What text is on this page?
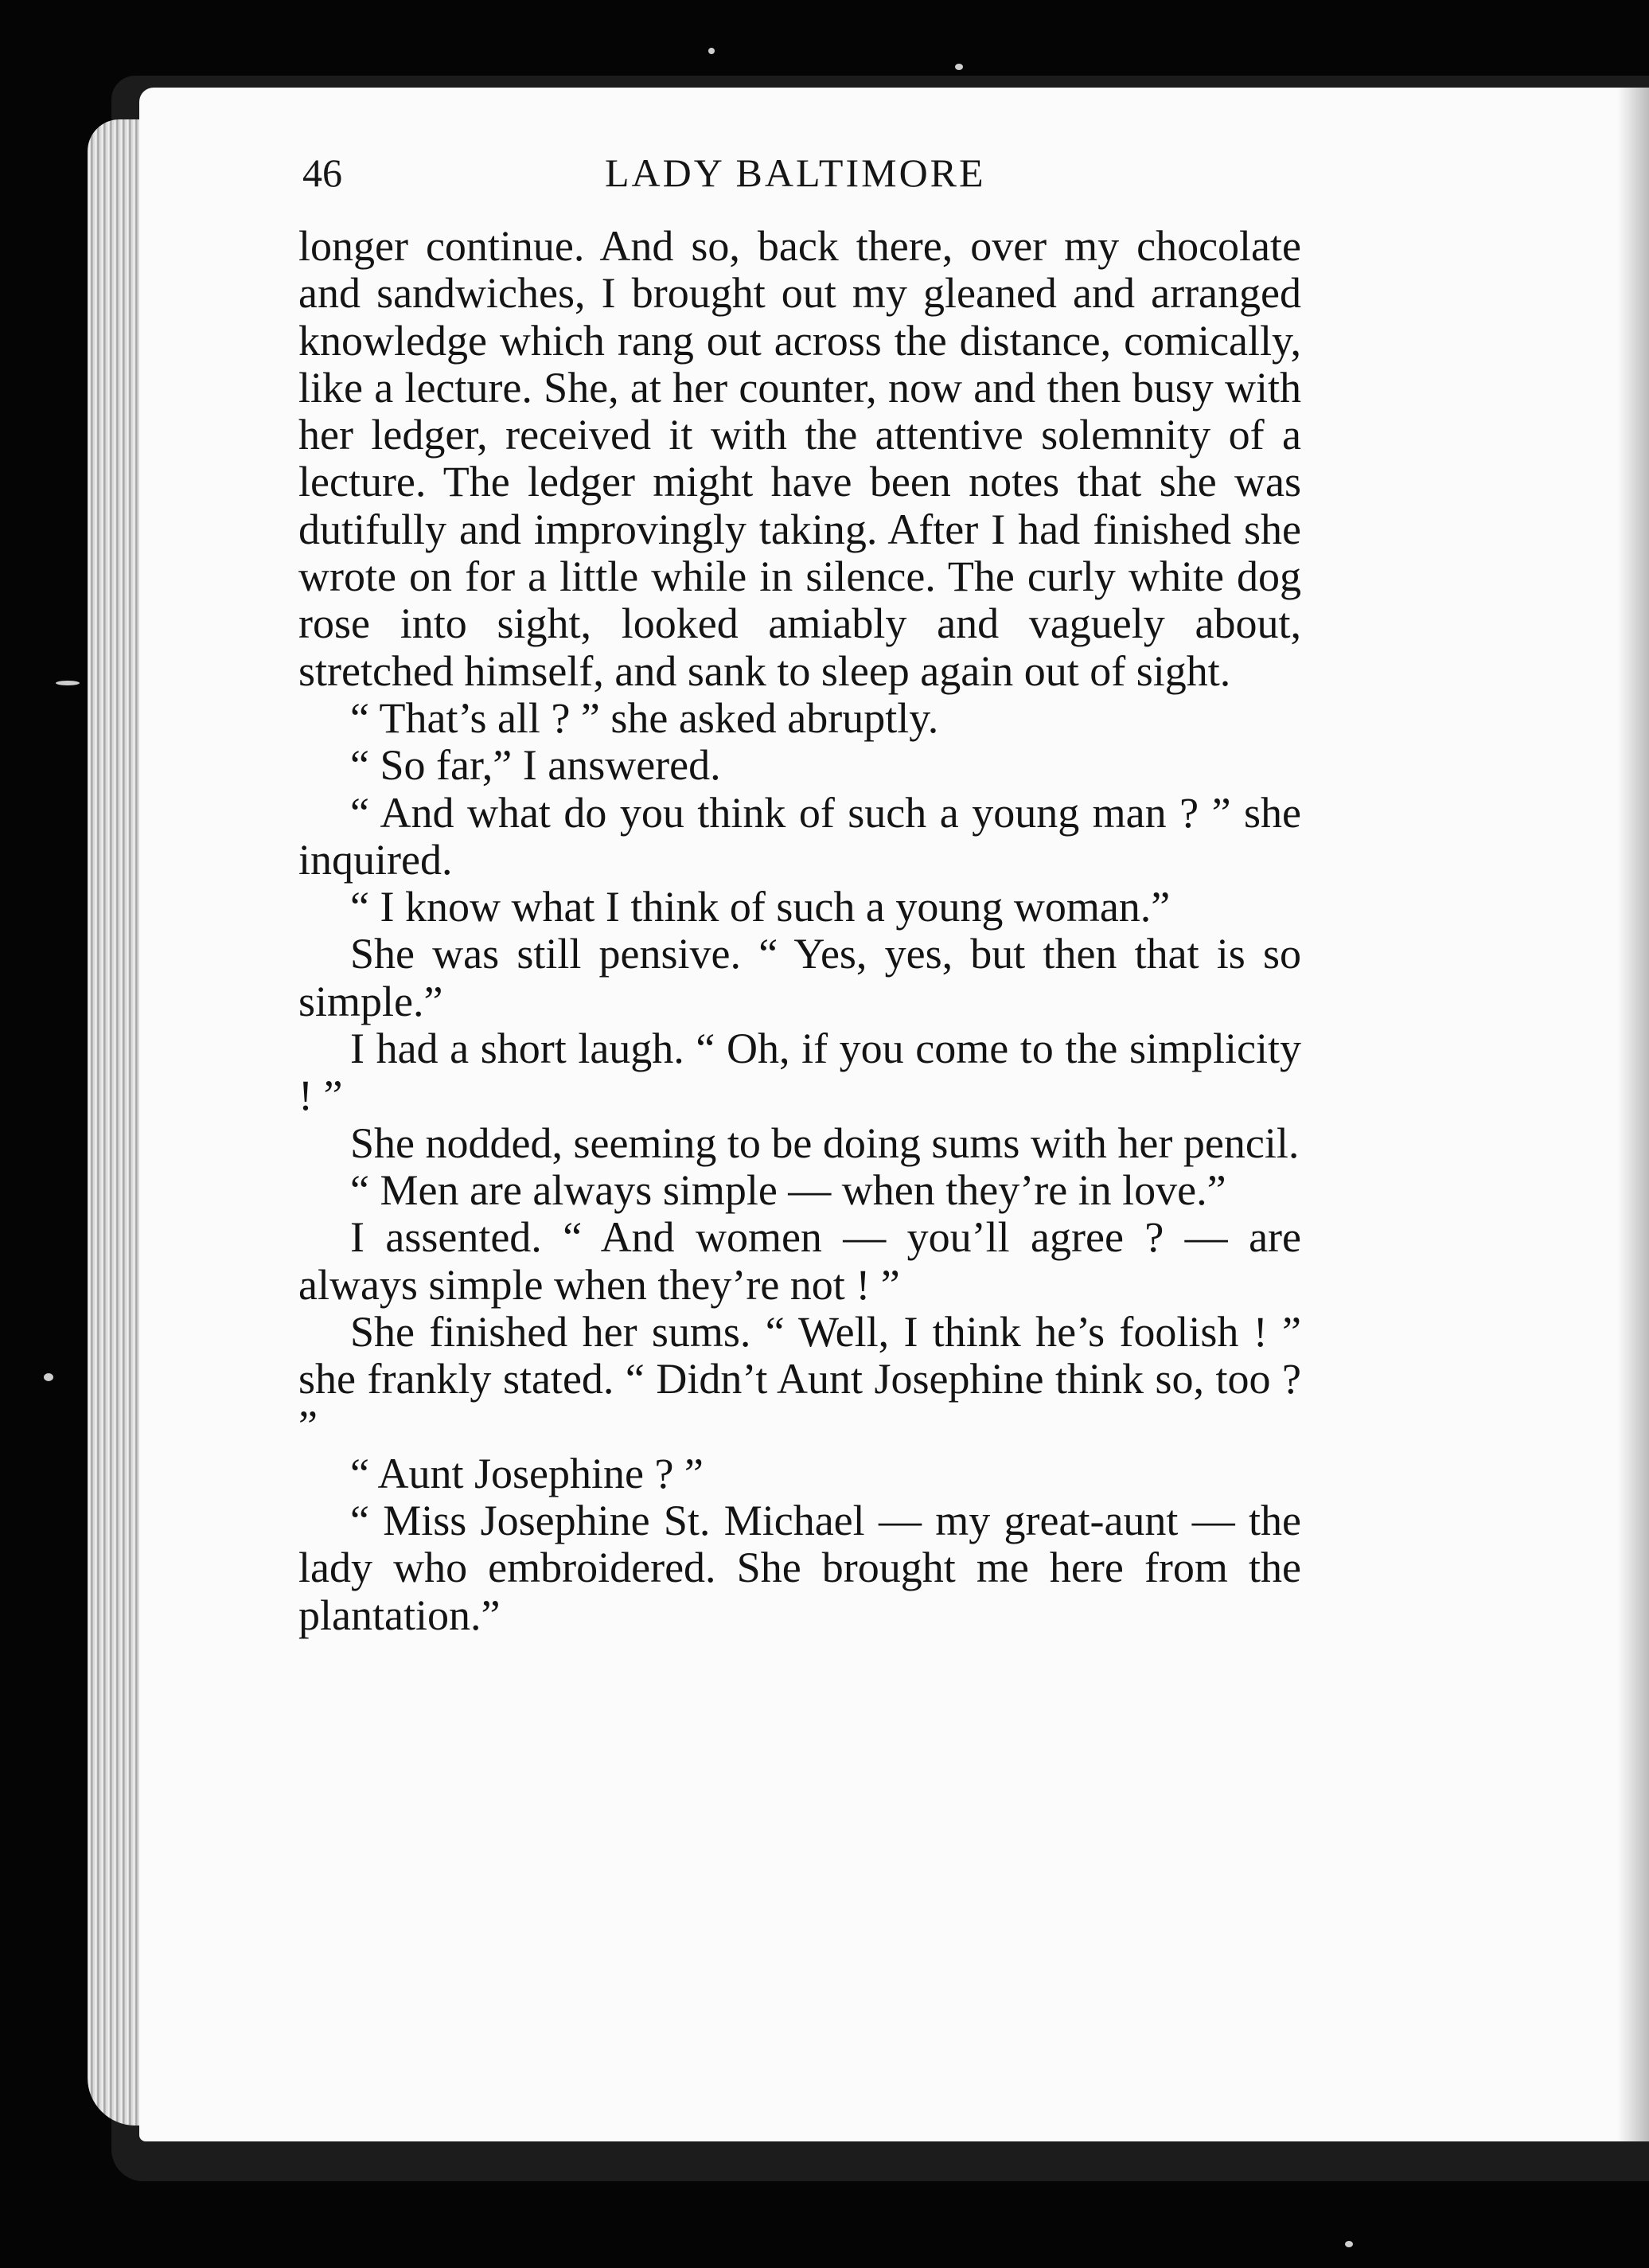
46	LADY BALTIMORE

longer continue. And so, back there, over my chocolate and sandwiches, I brought out my gleaned and arranged knowledge which rang out across the distance, comically, like a lecture. She, at her counter, now and then busy with her ledger, received it with the attentive solemnity of a lecture. The ledger might have been notes that she was dutifully and improvingly taking. After I had finished she wrote on for a little while in silence. The curly white dog rose into sight, looked amiably and vaguely about, stretched himself, and sank to sleep again out of sight.

“ That’s all ? ” she asked abruptly.

“ So far,” I answered.

“ And what do you think of such a young man ? ” she inquired.

“ I know what I think of such a young woman.”

She was still pensive. “ Yes, yes, but then that is so simple.”

I had a short laugh. “ Oh, if you come to the simplicity ! ”

She nodded, seeming to be doing sums with her pencil.

“ Men are always simple — when they’re in love.”

I assented. “ And women — you’ll agree ? — are always simple when they’re not ! ”

She finished her sums. “ Well, I think he’s foolish ! ” she frankly stated. “ Didn’t Aunt Josephine think so, too ? ”

“ Aunt Josephine ? ”

“ Miss Josephine St. Michael — my great-aunt — the lady who embroidered. She brought me here from the plantation.”
